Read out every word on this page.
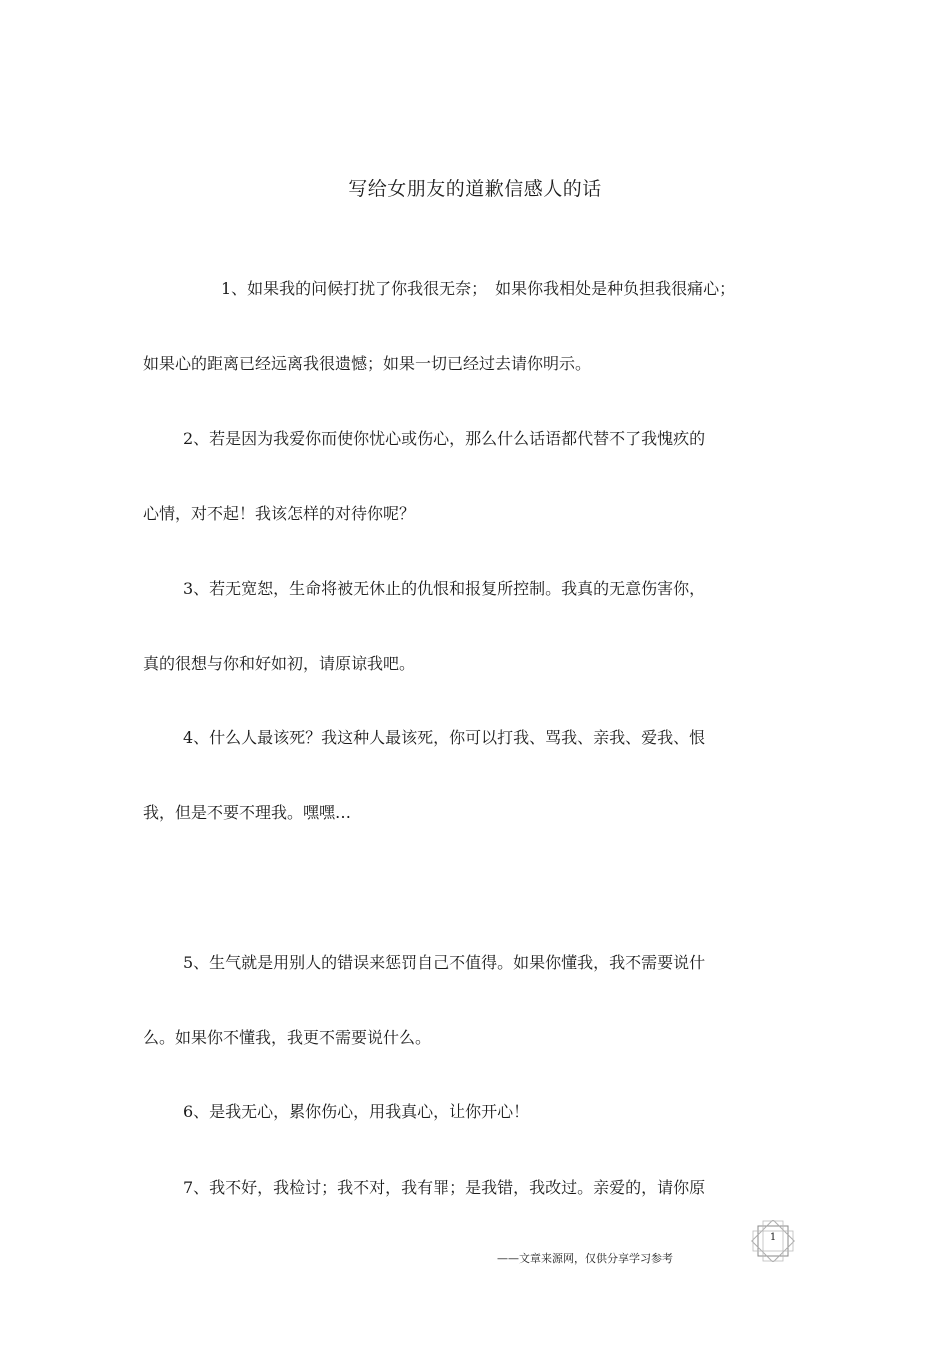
写给女朋友的道歉信感人的话
1、如果我的问候打扰了你我很无奈；　如果你我相处是种负担我很痛心；
如果心的距离已经远离我很遗憾；如果一切已经过去请你明示。
2、若是因为我爱你而使你忧心或伤心，那么什么话语都代替不了我愧疚的
心情，对不起！我该怎样的对待你呢？
3、若无宽恕，生命将被无休止的仇恨和报复所控制。我真的无意伤害你，
真的很想与你和好如初，请原谅我吧。
4、什么人最该死？我这种人最该死，你可以打我、骂我、亲我、爱我、恨
我，但是不要不理我。嘿嘿…
5、生气就是用别人的错误来惩罚自己不值得。如果你懂我，我不需要说什
么。如果你不懂我，我更不需要说什么。
6、是我无心，累你伤心，用我真心，让你开心！
7、我不好，我检讨；我不对，我有罪；是我错，我改过。亲爱的，请你原
——文章来源网，仅供分享学习参考
1
